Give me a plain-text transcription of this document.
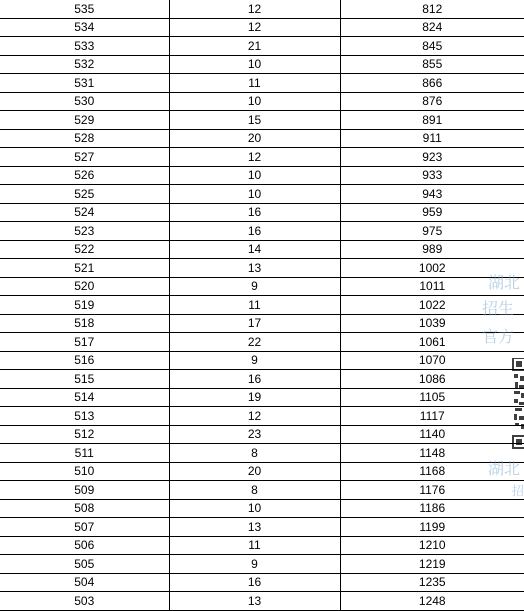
535	12	812
534	12	824
533	21	845
532	10	855
531	11	866
530	10	876
529	15	891
528	20	911
527	12	923
526	10	933
525	10	943
524	16	959
523	16	975
522	14	989
521	13	1002
520	9	1011
519	11	1022
518	17	1039
517	22	1061
516	9	1070
515	16	1086
514	19	1105
513	12	1117
512	23	1140
511	8	1148
510	20	1168
509	8	1176
508	10	1186
507	13	1199
506	11	1210
505	9	1219
504	16	1235
503	13	1248
湖北
招生
官方
湖北
招
